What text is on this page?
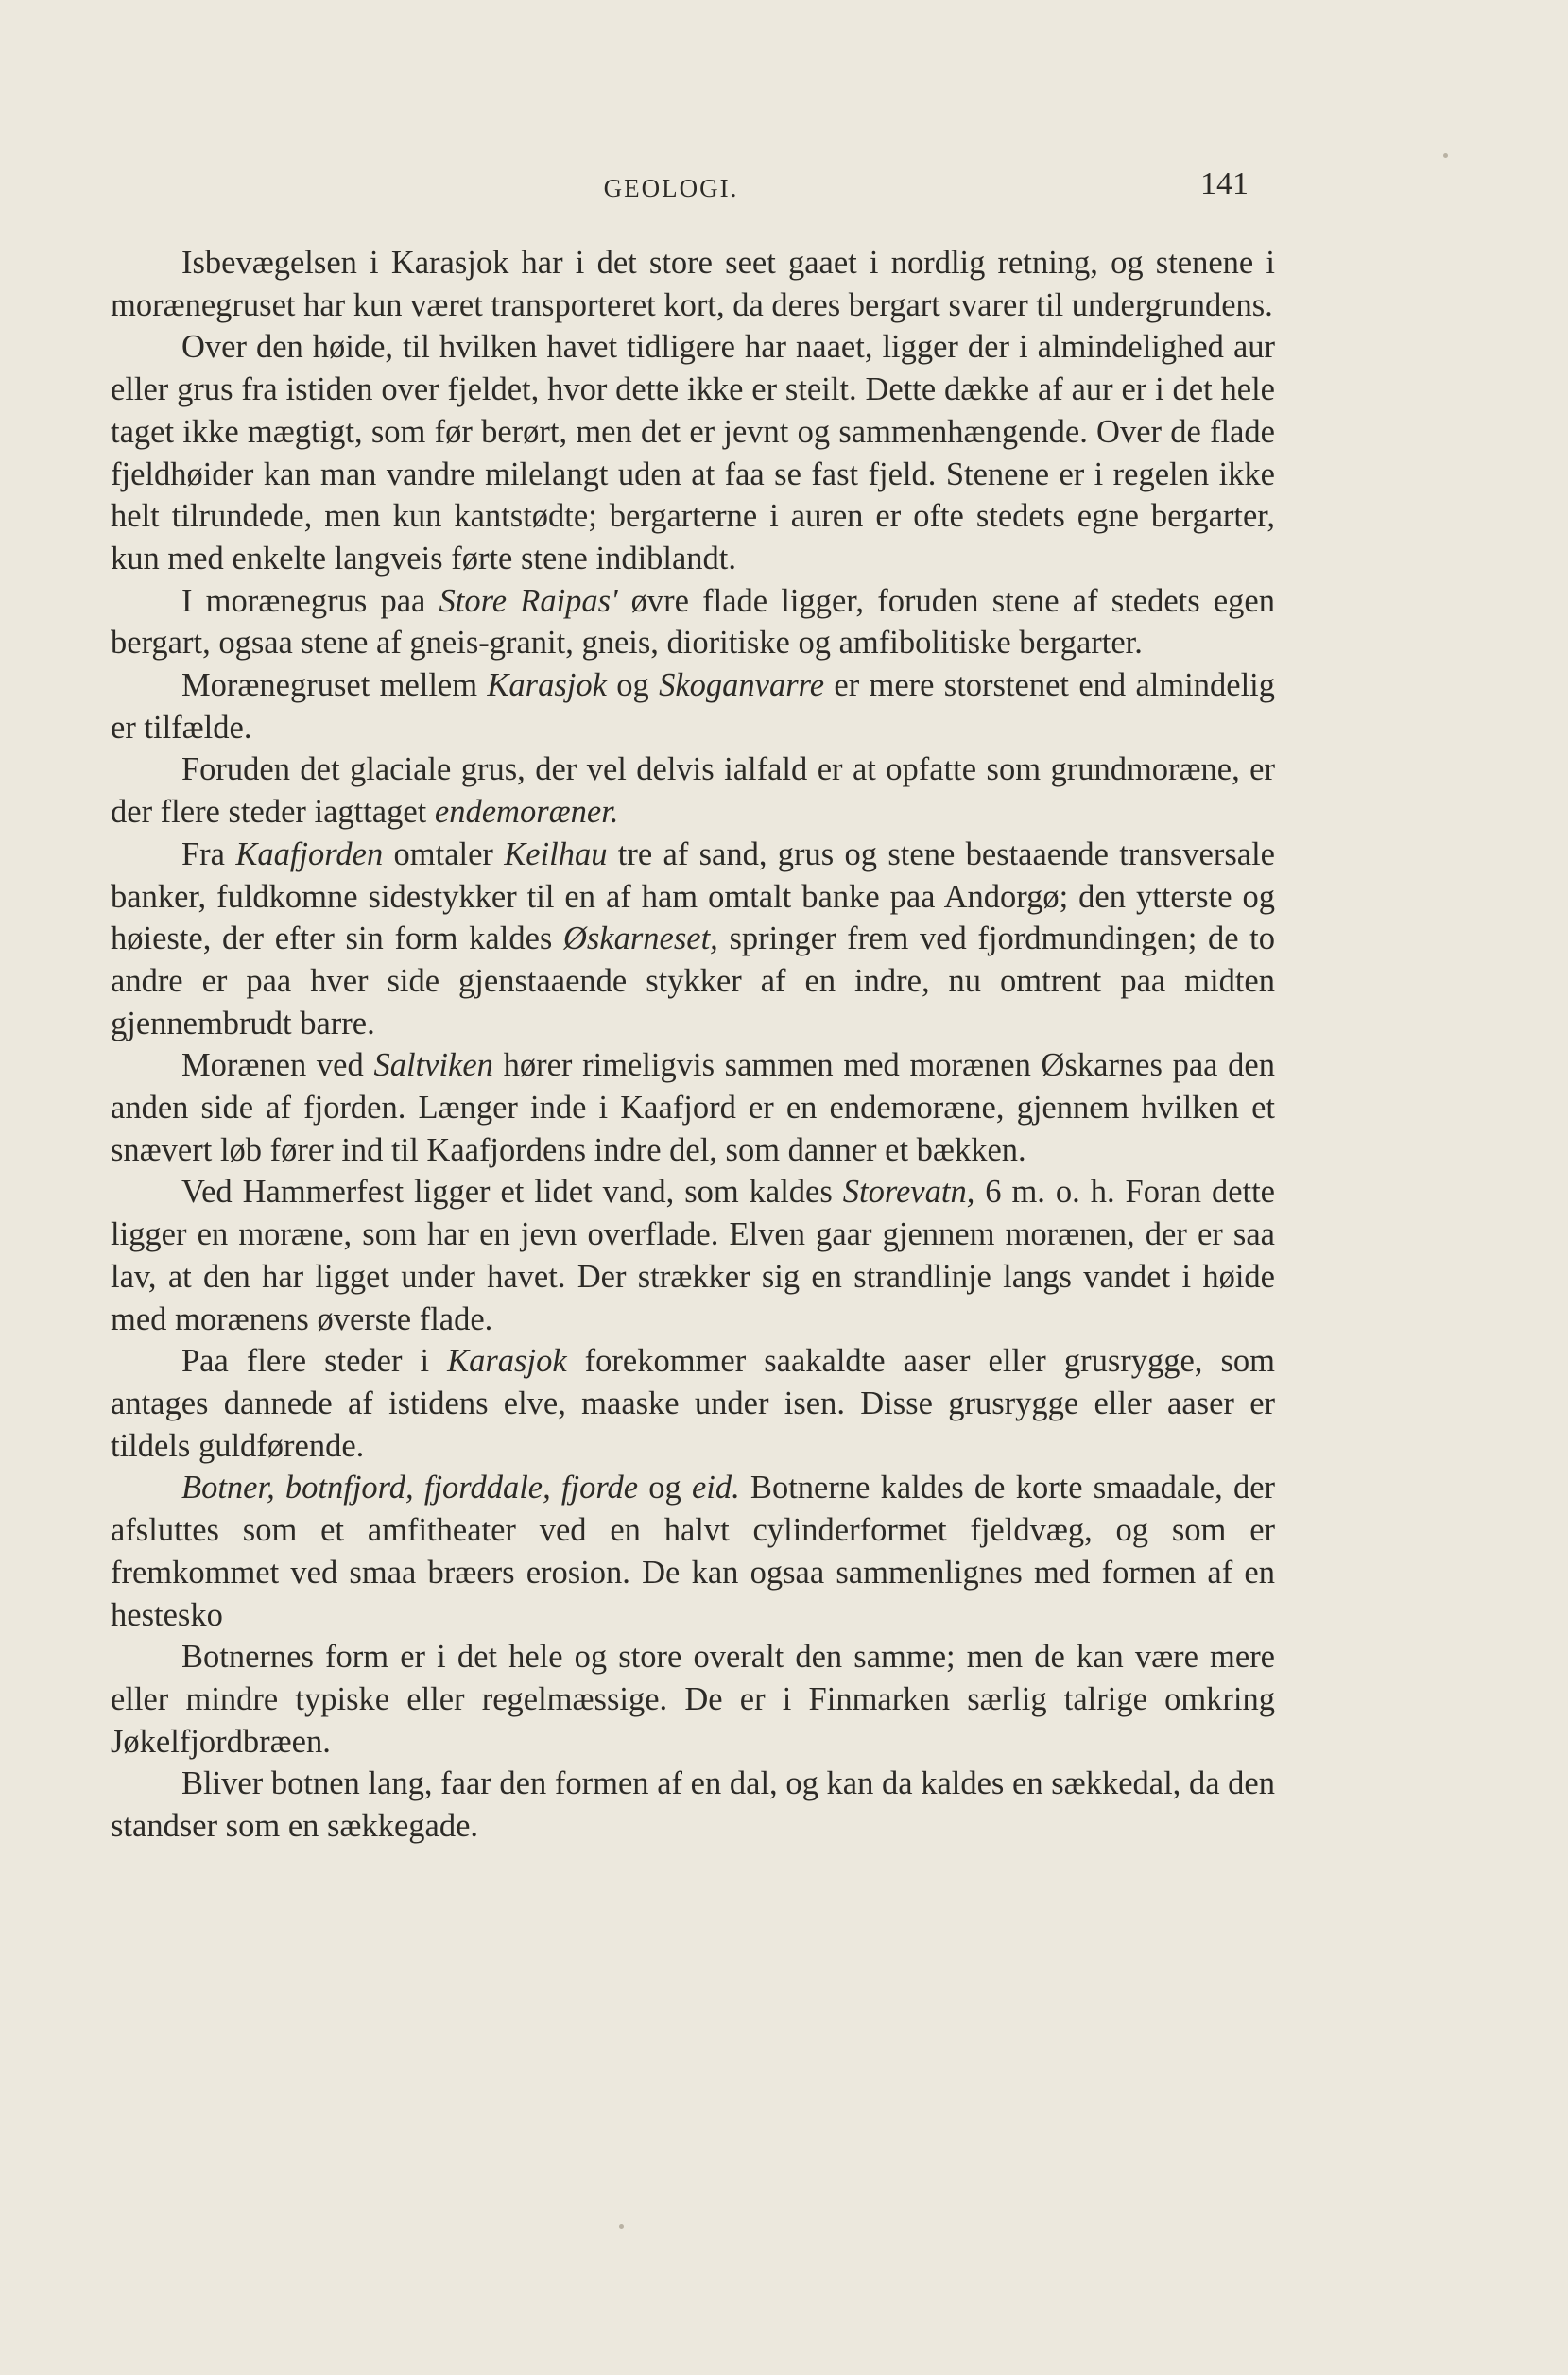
GEOLOGI.	141

Isbevægelsen i Karasjok har i det store seet gaaet i nordlig retning, og stenene i morænegruset har kun været transporteret kort, da deres bergart svarer til undergrundens.

Over den høide, til hvilken havet tidligere har naaet, ligger der i almindelighed aur eller grus fra istiden over fjeldet, hvor dette ikke er steilt. Dette dække af aur er i det hele taget ikke mægtigt, som før berørt, men det er jevnt og sammenhængende. Over de flade fjeldhøider kan man vandre milelangt uden at faa se fast fjeld. Stenene er i regelen ikke helt tilrundede, men kun kantstødte; bergarterne i auren er ofte stedets egne bergarter, kun med enkelte langveis førte stene indiblandt.

I morænegrus paa Store Raipas' øvre flade ligger, foruden stene af stedets egen bergart, ogsaa stene af gneis-granit, gneis, dioritiske og amfibolitiske bergarter.

Morænegruset mellem Karasjok og Skoganvarre er mere storstenet end almindelig er tilfælde.

Foruden det glaciale grus, der vel delvis ialfald er at opfatte som grundmoræne, er der flere steder iagttaget endemoræner.

Fra Kaafjorden omtaler Keilhau tre af sand, grus og stene bestaaende transversale banker, fuldkomne sidestykker til en af ham omtalt banke paa Andorgø; den ytterste og høieste, der efter sin form kaldes Øskarneset, springer frem ved fjordmundingen; de to andre er paa hver side gjenstaaende stykker af en indre, nu omtrent paa midten gjennembrudt barre.

Morænen ved Saltviken hører rimeligvis sammen med morænen Øskarnes paa den anden side af fjorden. Længer inde i Kaafjord er en endemoræne, gjennem hvilken et snævert løb fører ind til Kaafjordens indre del, som danner et bækken.

Ved Hammerfest ligger et lidet vand, som kaldes Storevatn, 6 m. o. h. Foran dette ligger en moræne, som har en jevn overflade. Elven gaar gjennem morænen, der er saa lav, at den har ligget under havet. Der strækker sig en strandlinje langs vandet i høide med morænens øverste flade.

Paa flere steder i Karasjok forekommer saakaldte aaser eller grusrygge, som antages dannede af istidens elve, maaske under isen. Disse grusrygge eller aaser er tildels guldførende.

Botner, botnfjord, fjorddale, fjorde og eid. Botnerne kaldes de korte smaadale, der afsluttes som et amfitheater ved en halvt cylinderformet fjeldvæg, og som er fremkommet ved smaa bræers erosion. De kan ogsaa sammenlignes med formen af en hestesko

Botnernes form er i det hele og store overalt den samme; men de kan være mere eller mindre typiske eller regelmæssige. De er i Finmarken særlig talrige omkring Jøkelfjordbræen.

Bliver botnen lang, faar den formen af en dal, og kan da kaldes en sækkedal, da den standser som en sækkegade.
